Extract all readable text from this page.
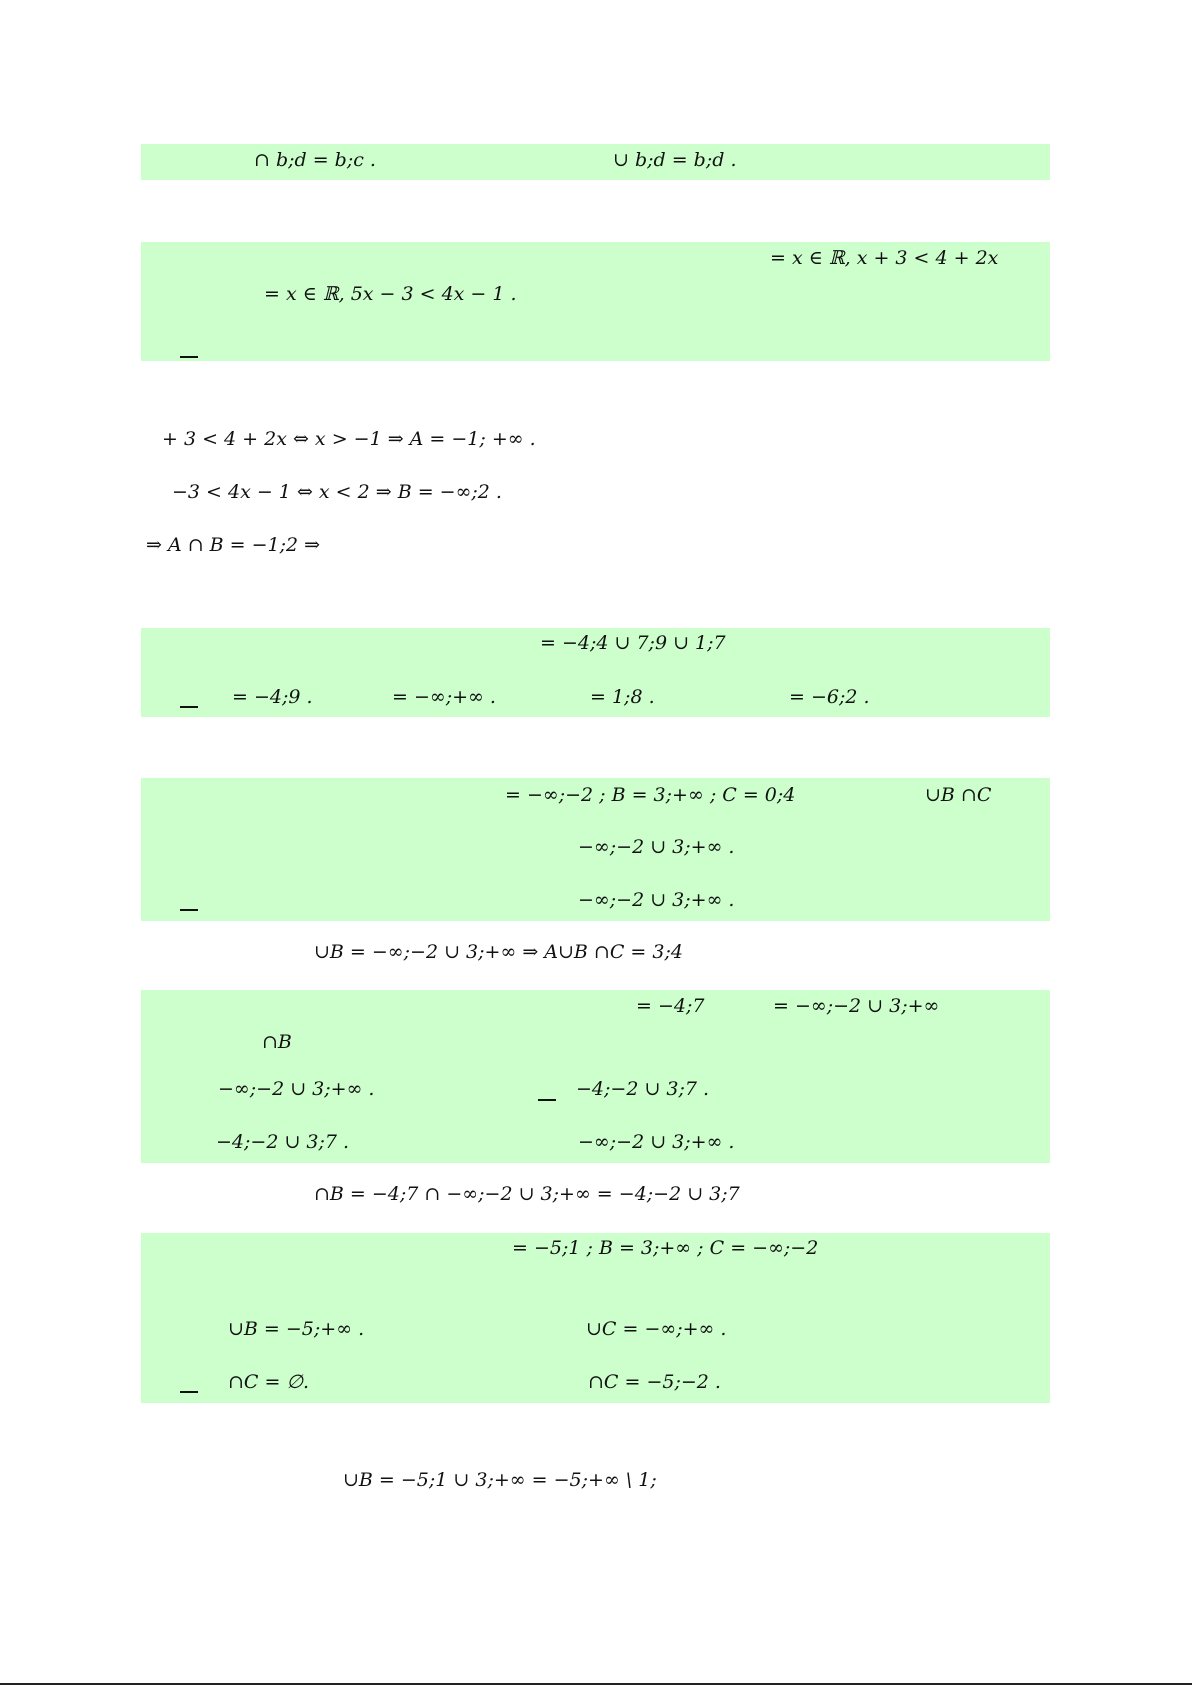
∩ b;d = b;c .	∪ b;d = b;d .
= x ∈ ℝ, x + 3 < 4 + 2x
= x ∈ ℝ, 5x − 3 < 4x − 1 .
+ 3 < 4 + 2x ⇔ x > −1 ⇒ A = −1; +∞ .
−3 < 4x − 1 ⇔ x < 2 ⇒ B = −∞;2 .
⇒ A ∩ B = −1;2 ⇒
= −4;4 ∪ 7;9 ∪ 1;7
= −4;9 .	= −∞;+∞ .	= 1;8 .	= −6;2 .
= −∞;−2 ; B = 3;+∞ ; C = 0;4	∪B ∩C
−∞;−2 ∪ 3;+∞ .
−∞;−2 ∪ 3;+∞ .
∪B = −∞;−2 ∪ 3;+∞ ⇒ A∪B ∩C = 3;4
= −4;7	= −∞;−2 ∪ 3;+∞
∩B
−∞;−2 ∪ 3;+∞ .	−4;−2 ∪ 3;7 .
−4;−2 ∪ 3;7 .	−∞;−2 ∪ 3;+∞ .
∩B = −4;7 ∩ −∞;−2 ∪ 3;+∞ = −4;−2 ∪ 3;7
= −5;1 ; B = 3;+∞ ; C = −∞;−2
∪B = −5;+∞ .	∪C = −∞;+∞ .
∩C = ∅.	∩C = −5;−2 .
∪B = −5;1 ∪ 3;+∞ = −5;+∞ \ 1;
